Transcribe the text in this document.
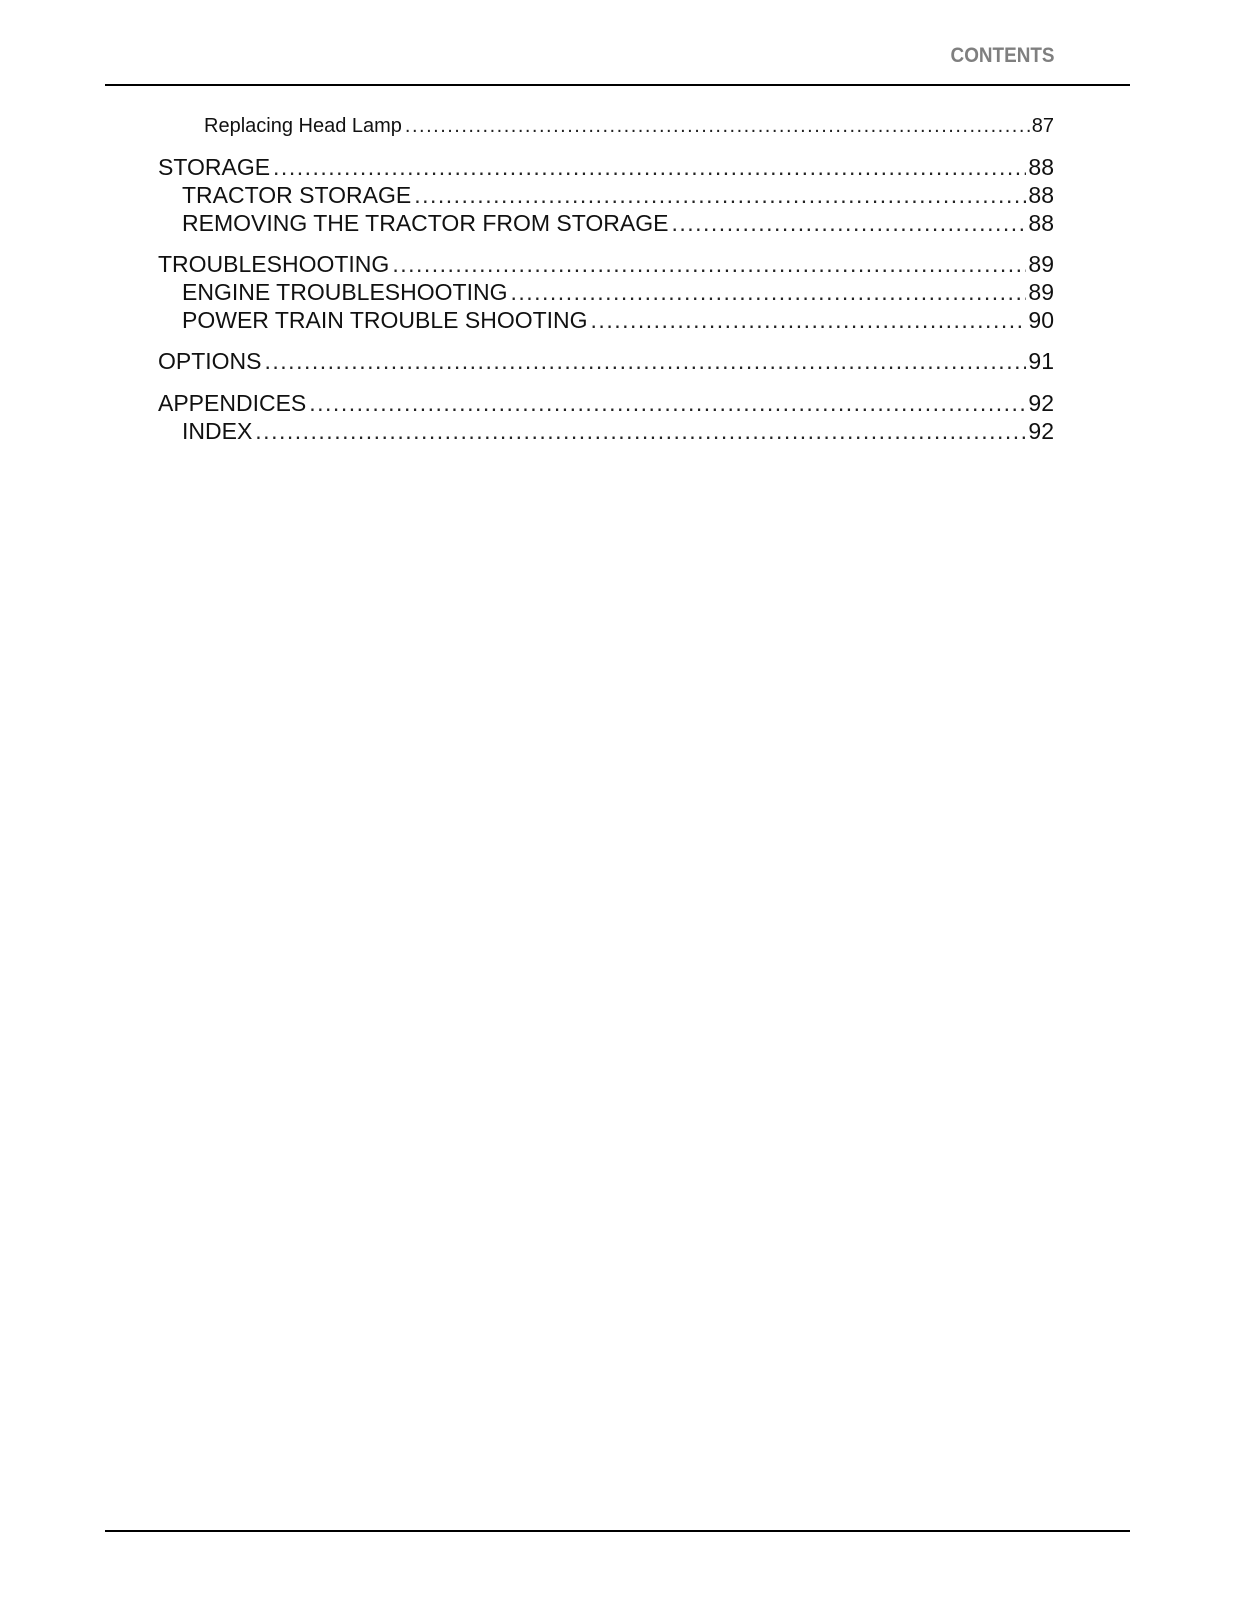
CONTENTS
Replacing Head Lamp .....	87
STORAGE .....	88
TRACTOR STORAGE .....	88
REMOVING THE TRACTOR FROM STORAGE .....	88
TROUBLESHOOTING .....	89
ENGINE TROUBLESHOOTING .....	89
POWER TRAIN TROUBLE SHOOTING .....	90
OPTIONS .....	91
APPENDICES .....	92
INDEX .....	92
